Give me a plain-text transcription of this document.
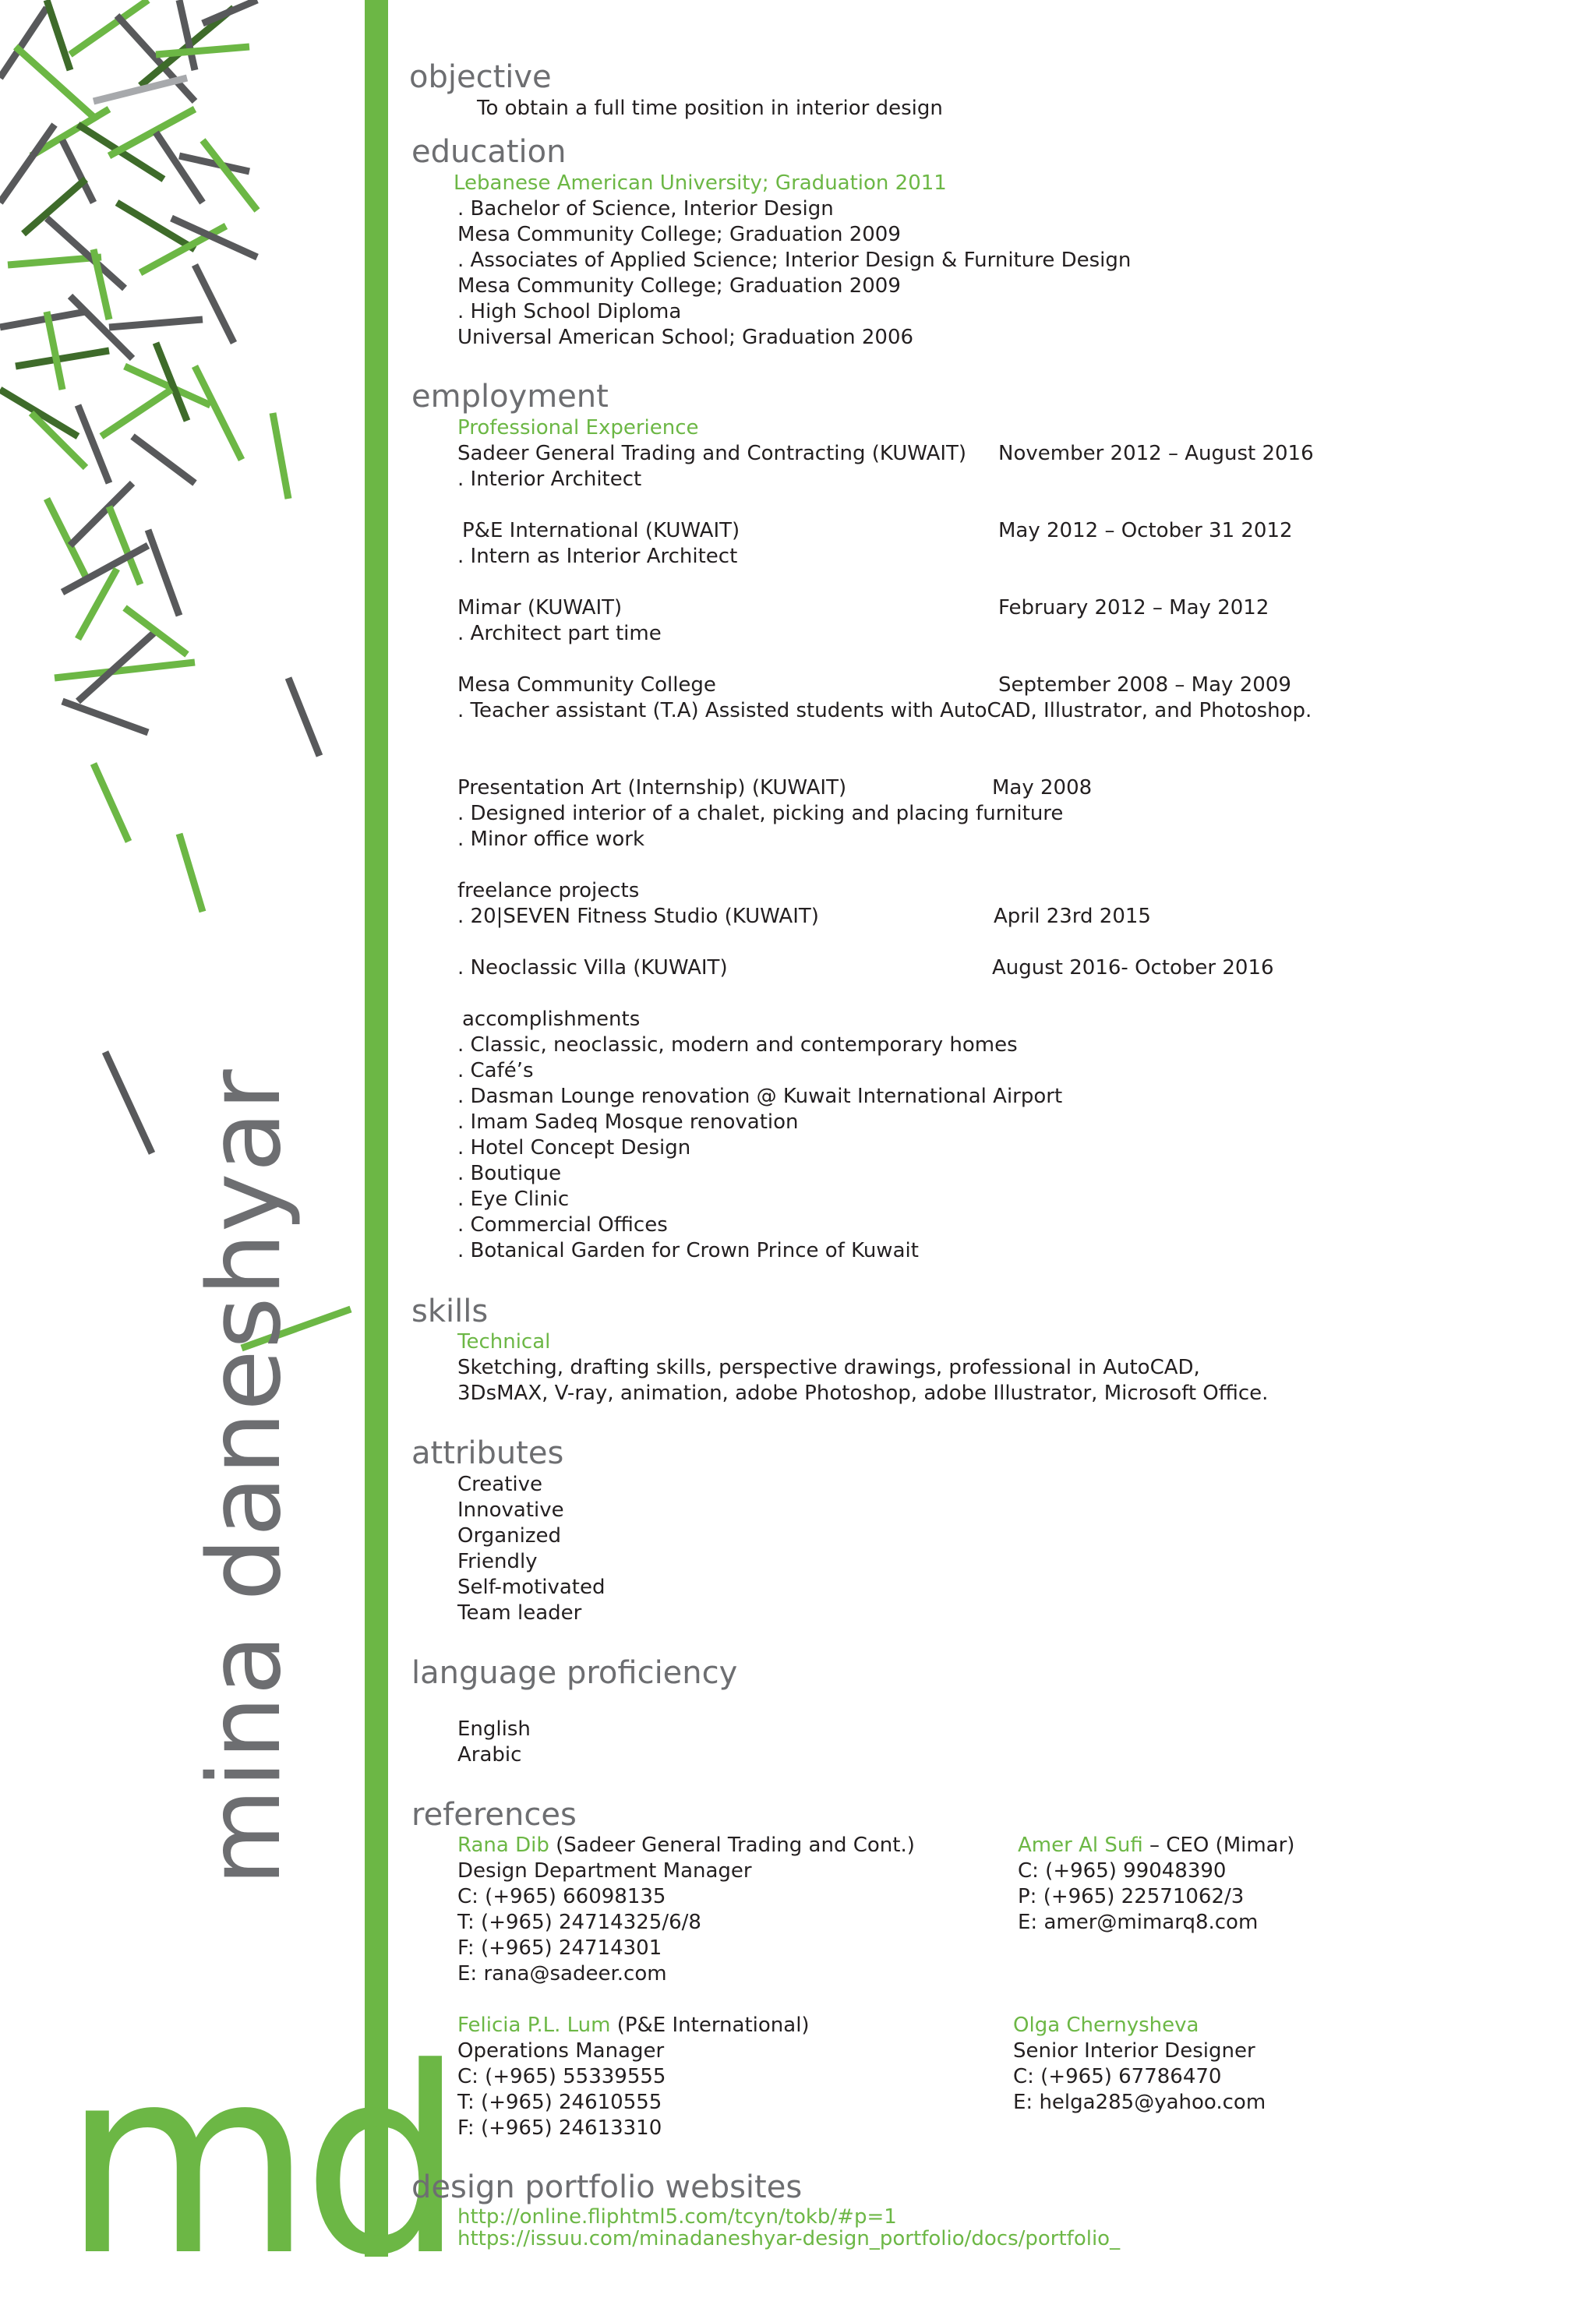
mina daneshyar
md
objective
To obtain a full time position in interior design
education
Lebanese American University; Graduation 2011
. Bachelor of Science, Interior Design
Mesa Community College; Graduation 2009
. Associates of Applied Science; Interior Design & Furniture Design
Mesa Community College; Graduation 2009
. High School Diploma
Universal American School; Graduation 2006
employment
Professional Experience
Sadeer General Trading and Contracting (KUWAIT) November 2012 – August 2016
. Interior Architect
P&E International (KUWAIT)	May 2012 – October 31 2012
. Intern as Interior Architect
Mimar (KUWAIT)	February 2012 – May 2012
. Architect part time
Mesa Community College	September 2008 – May 2009
. Teacher assistant (T.A) Assisted students with AutoCAD, Illustrator, and Photoshop.
Presentation Art (Internship) (KUWAIT)	May 2008
. Designed interior of a chalet, picking and placing furniture
. Minor office work
freelance projects
. 20|SEVEN Fitness Studio (KUWAIT)	April 23rd 2015
. Neoclassic Villa (KUWAIT)	August 2016- October 2016
accomplishments
. Classic, neoclassic, modern and contemporary homes
. Café’s
. Dasman Lounge renovation @ Kuwait International Airport
. Imam Sadeq Mosque renovation
. Hotel Concept Design
. Boutique
. Eye Clinic
. Commercial Offices
. Botanical Garden for Crown Prince of Kuwait
skills
Technical
Sketching, drafting skills, perspective drawings, professional in AutoCAD,
3DsMAX, V-ray, animation, adobe Photoshop, adobe Illustrator, Microsoft Office.
attributes
Creative
Innovative
Organized
Friendly
Self-motivated
Team leader
language proficiency
English
Arabic
references
Rana Dib (Sadeer General Trading and Cont.)
Design Department Manager
C: (+965) 66098135
T: (+965) 24714325/6/8
F: (+965) 24714301
E: rana@sadeer.com
Amer Al Sufi – CEO (Mimar)
C: (+965) 99048390
P: (+965) 22571062/3
E: amer@mimarq8.com
Felicia P.L. Lum (P&E International)
Operations Manager
C: (+965) 55339555
T: (+965) 24610555
F: (+965) 24613310
Olga Chernysheva
Senior Interior Designer
C: (+965) 67786470
E: helga285@yahoo.com
design portfolio websites
http://online.fliphtml5.com/tcyn/tokb/#p=1
https://issuu.com/minadaneshyar-design_portfolio/docs/portfolio_
